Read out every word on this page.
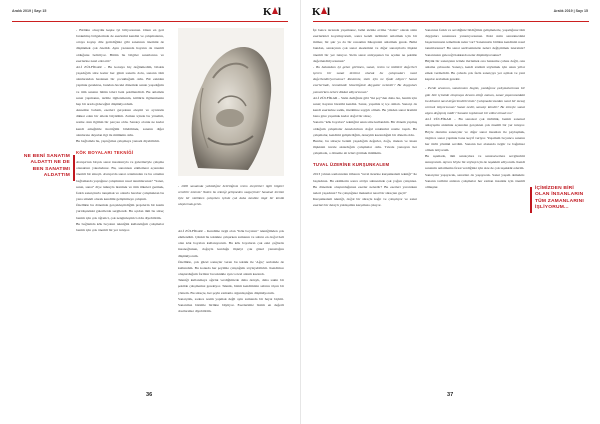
Aralık 2019 | Sayı 15	K l

- Birlikte olsaydık keşke iyi biliyorsunuz. Onun en geri bırakılmış bölgelerinde de eserlerini kendisi ve çalışmalarını, ortaya koyup dile getirdiğiniz gibi sanatının önemini de düşünmek çok önemli. Aynı yazısında hayatın da önemli olduğunu belirtiyor. Bütün bu bilgiler sanatlarına ve eserlerine nasıl etki etti?

ALİ ZÜLFİKAR – Bu konuya hiç değinmedim, bilakis yaşadığım süre kadar her günü sanatla dolu, sanatın tüm alanlarından beslenen bir çocukluğum oldu. Bir eskiden yapmak gerekirse, bundan önceki dönemde sanatı yaşadığımı ve tüm sanatın bütün izleri beni şekillendirdi. Bu anlamda sanat yapmanın, tarihle ilgilenmenin, kültürle ilgilenmenin hep bir arada gideceğini düşünüyordum.

Annemle babam, eserleri gerçekten eleştiri ve ayrıntıda dikkat eden bir ailede büyüdüm. Zaman içinde bu yönelim, resme olan ilgimin bir parçası oldu. Sanatçı olarak ne kadar kendi emeğimle ürettiğimi bilebilmek, sanatın diğer alanlarına duyulan ilgi ile mümkün oldu.

Bu bağlamda bu, yaptığımız çalışmaya yansıdı diyebilirim.

KÖK BOYALARI TEKNİĞİ

Avrupa'nın birçok sanat insanlarıyla ve galerileriyle çalışma olanakları yakaladınız. Bu, sanatınızı etkilemesi açısından önemli bir süreçti. Avrupa'da sanat ortamından ve bu ortamın bağlamında yaptığınız çalışmaları nasıl tanımlarsınız? "Sanat, sanat, sanat" diye tutkuyla üretmek ve tüm ülkeleri gezmek, farklı sanatçılarla tanışmak ve onlarla beraber çalışmaktan bu yana sürekli olarak kendimi geliştirmeye çalıştım.

Özellikle bu dönemde gerçekleştirdiğim projelerin bir kısmı yurtdışındaki galerilerde sergilendi. Bu açıdan tüm bu süreç benim için çok öğretici, çok zenginleştirici oldu diyebilirim.

Bu bağlamda kök boyaları tekniğini kullandığım çalışmalar benim için çok önemli bir yer tutuyor.

NE BENİ SANATIM
ALDATTI NE DE
BEN SANATIMI
ALDATTIM
- 2006 sanatında yetkinliğini belirttiğiniz resim eleştirileri ilgili bilgiler verebilir misiniz? Neden bu tekniği gelişmeden vazgeçtiniz? Sanatsal üretimi öyle bir nitelikten çalışırken içinde çok daha kendine özgü bir kimlik oluşturmak gerek.

ALİ ZÜLFİKAR – Kendime özgü olan "Kök boyaları" tekniğimden çok etkilendim. Çünkü bu teknikte çalışırken zamanın ve sabrın en doğal hali olan kök boyaları kullanıyorum. Bu kök boyaların çok eski çağlarda insanoğlunun, doğayla kurduğu ilişkiyi çok güzel yansıttığını düşünüyorum.

Özellikle, çok güzel sonuçlar veren bu teknik ile 'Ağaç' serisinde de kullandım. Bu konuda her şeyimle çalıştığımı söyleyebilirim. Kendimce oluşturduğum formlar bu teknikle ayrıca özel anlam kazandı.

Tekniği kullanmaya ağırlık verdiğimizde daha detaylı, daha sakin bir şekilde çalışmamız gerekiyor. Teknik, bizim kendimizin sabrını ölçen bir yöntem. Bu süreçte, her şeyin zamanla olgunlaştığını düşünüyorum.

Sanatçılık, sadece resim yapmak değil aynı zamanda bir hayat biçimi. Sanatımız bizimle birlikte büyüyor. Eserlerimiz bizim en değerli dostlarımız diyebilirim.

36
K l	Aralık 2019 | Sayı 15

İşi bence tarzında yaşamanız, belki sizinle evime "dolan" olarak sizin eserlerinizi koyamıyorum, sonra kendi tarihinizi anlatmak için bir mimar, bir şair ya da bir ressamın hikayesini anlatmak gerek. Belki bundan, sanatçının çok sanat akademisi ve diğer sanatçılarla ilişkisi önemli bir yer tutuyor. Sizin sanat anlayışınızı bu açıdan ne şekilde değerlendiriyorsunuz?

- Bu bakımdan işi gelen görünen, sanat, resim ve kültürel değerleri içeren bir sanat üretimi olarak bu çalışmaları nasıl değerlendiriyorsunuz? Resminiz, sizin için ne ifade ediyor? Sanat eserlerinde, resminizde hissettiğiniz duygular nelerdir? Bu duyguları yansıtırken nelere dikkat ediyorsunuz?

ALİ ZÜLFİKAR – Sizin dediğiniz gibi "iki şey"den daha öte, benim için sanat; hayatın bizatihi kendisi. Sanat, yaşamla iç içe olmalı. Sanatçı da kendi eserlerine sadık, üretimine saygılı olmalı. Bu yüzden sanat üretimi bana göre yaşamak kadar doğal bir süreç.

Sanatta "kök boyaları" tekniğini uzun süre kullandım. Bir dönem yapmış olduğum çalışmalar Anadolu'nun doğal renklerini resme taşıdı. Bu çalışmalar, kendimi geliştirdiğim, deneyim kazandığım bir dönem oldu.

Bunlar, bu süreçte benim yaşadığım değerler, doğa, mekan ve insan ilişkisini tuvale aktardığım çalışmalar oldu. Tuvale yansıyan her çalışmada, o döneme ait izleri görmek mümkün.

TUVAL ÜZERİNE KURŞUNKALEM

2013 yılının sonlarından itibaren "tuval üzerine kurşunkalem tekniği" ile başladınız. Bu ekimlerin sonra atölye sahnesinde çok yoğun çalıştınız. Bu dönemde oluşturduğunuz eserler nelerdir? Bu eserleri yaratırken neleri yaşadınız? Ve çalıştığınız mekanlar nasıl bir süreçten geçti?

Kurşunkalem tekniği, doğal bir süreçle kağıt ve çalışılıyor ve sanat eserleri bir detaylı yaklaşımla karşımıza çıkıyor.

Sanatınız farklı ve sevdiğiniz bildiğimiz gelişmelerle, yaşadığınız tüm duyguları sanatınıza yansıtıyorsunuz. Peki sizin sanatınızdaki başarılarınızın temelinde neler var? Sanatınızla birlikte kendinizi nasıl tanımlarsınız? Bu sanat serüveninizde neleri değiştirmek istersiniz? Sanatınızın geleceği hakkında neler düşünüyorsunuz?

Büyük bir sanatçının izinde ilerlemek ona benzeme çabası değil, onu anlama çabasıdır. Sanatçı, kendi sözünü söylemek için uzun yıllar emek vermelidir. Bu çabada çok fazla sanatçıya yer açmak ve yeni kapılar aralamak gerekir.

- Perde arasının, sanatınızın bugün, yazdığınız çalışmalarınıza bir gün bile içinizde oluşmaya devam ettiği zaman, sanat yaşamınızdaki bu dönemi nasıl değerlendirirsiniz? Çalışmalarınızdan nasıl bir mesaj vermek istiyorsunuz? Sanat nedir, sanatçı kimdir? Bu süreçte sanat algısı değişmiş midir? Sanatın toplumsal bir etkisi olmalı mı?

ALİ ZÜLFİKAR – Bu sanatsal çok türlülük, benim sanatsal anlayışımı anlamak açısından gerçekten çok önemli bir yer tutuyor. Böyle durumu sanatçılar ve diğer sanat insanları ile paylaşmak, özgürce sanat yapmak bana keyif veriyor. Yaşamım boyunca sanatın her türlü yönünü sevdim. Sanatın her alanında özgür ve bağımsız olmak istiyorum.

Bu aşamada, tüm sanatçılara ve sanatseverlere sevgilerimi sunuyorum. Ayrıca böyle bir söyleşi için de teşekkür ediyorum. Kendi sanatımı anlatmama fırsat verdiğiniz için size de çok teşekkür ederim.

Sanatçılar yaşayacak, sanatları da yaşayacak. Sanat yaşam demektir. Sanatın tarihini anlatan çalışmalar her zaman insanlık için önemli olmuştur.	İÇİMİZDEN BİRİ
OLAN İNSANLARIN
TÜM ZAMANLARINI
İŞLİYORUM...
37
